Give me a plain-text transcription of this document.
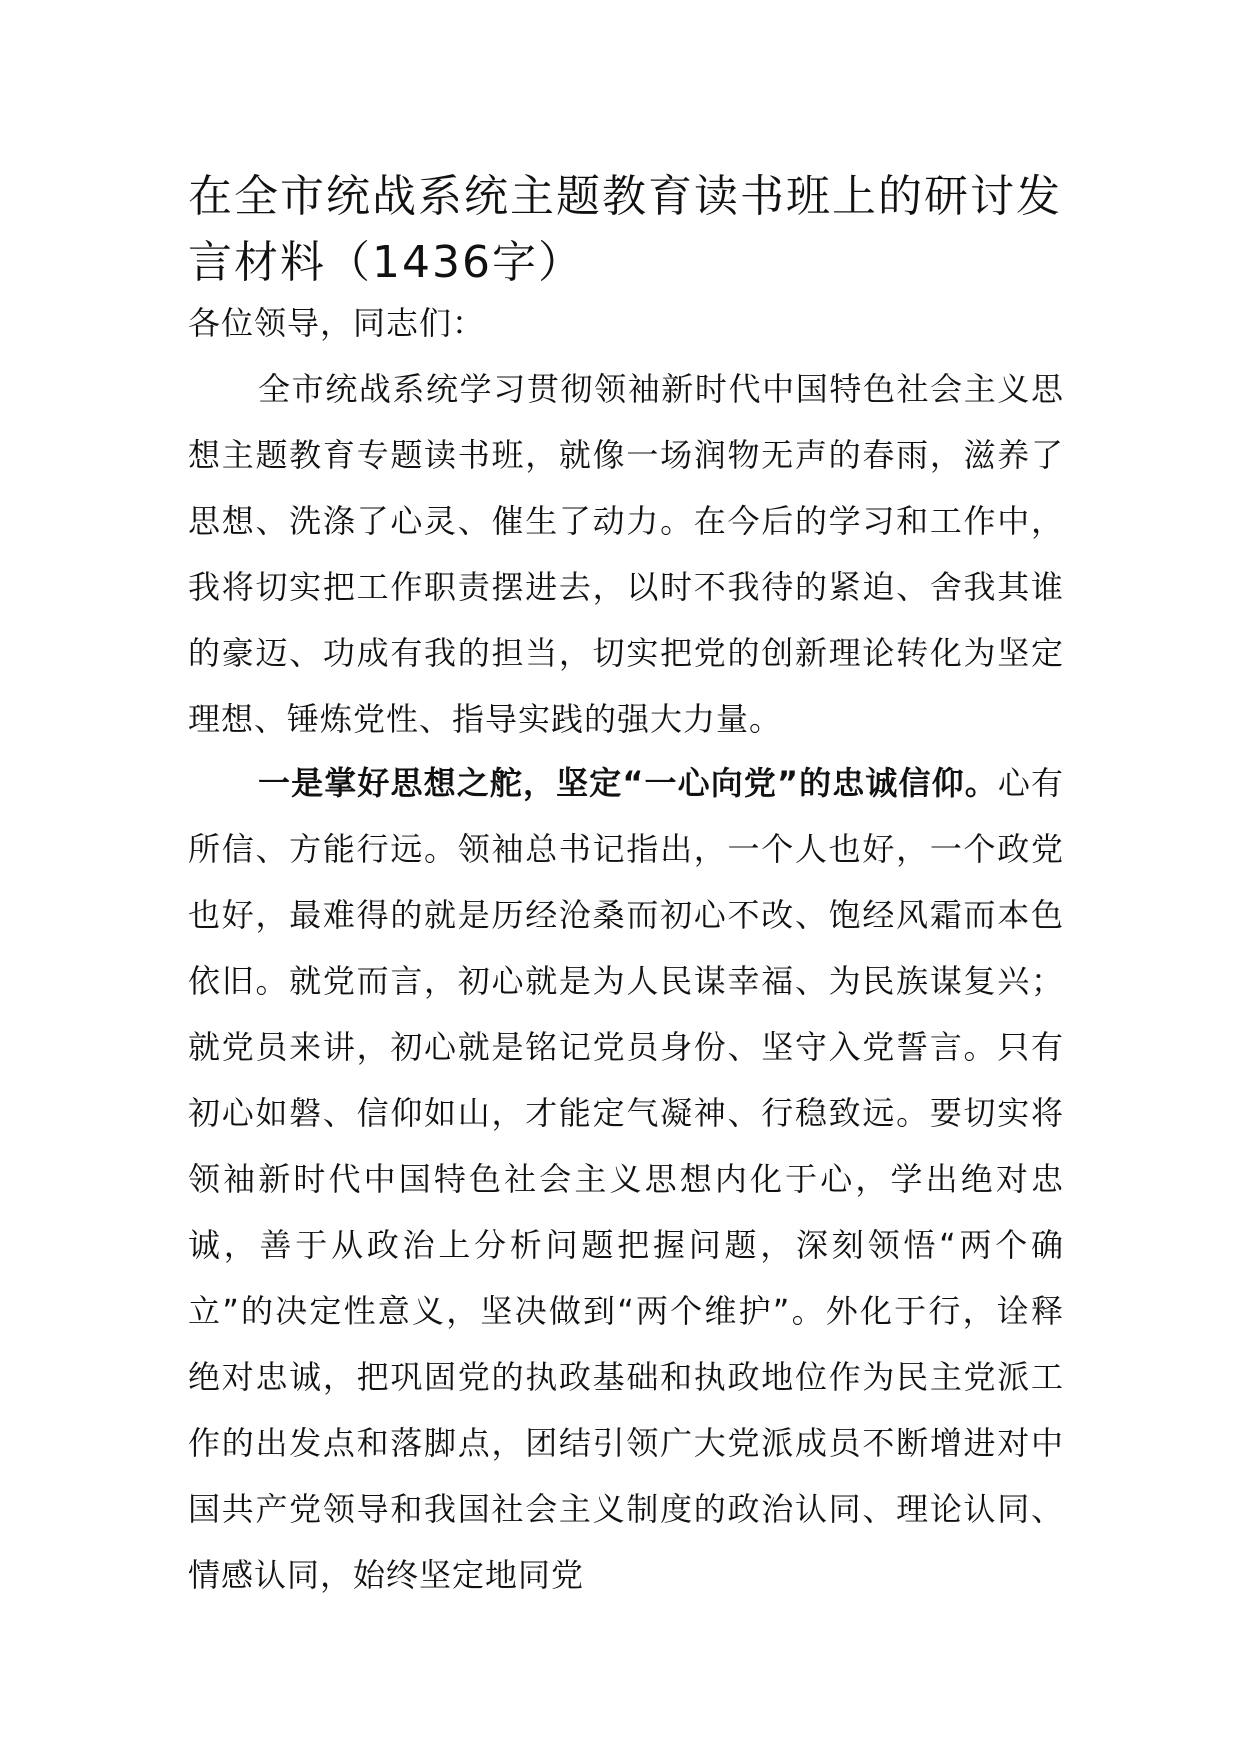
在全市统战系统主题教育读书班上的研讨发言材料（1436字）

各位领导，同志们：

全市统战系统学习贯彻领袖新时代中国特色社会主义思想主题教育专题读书班，就像一场润物无声的春雨，滋养了思想、洗涤了心灵、催生了动力。在今后的学习和工作中，我将切实把工作职责摆进去，以时不我待的紧迫、舍我其谁的豪迈、功成有我的担当，切实把党的创新理论转化为坚定理想、锤炼党性、指导实践的强大力量。

一是掌好思想之舵，坚定“一心向党”的忠诚信仰。心有所信、方能行远。领袖总书记指出，一个人也好，一个政党也好，最难得的就是历经沧桑而初心不改、饱经风霜而本色依旧。就党而言，初心就是为人民谋幸福、为民族谋复兴；就党员来讲，初心就是铭记党员身份、坚守入党誓言。只有初心如磐、信仰如山，才能定气凝神、行稳致远。要切实将领袖新时代中国特色社会主义思想内化于心，学出绝对忠诚，善于从政治上分析问题把握问题，深刻领悟“两个确立”的决定性意义，坚决做到“两个维护”。外化于行，诠释绝对忠诚，把巩固党的执政基础和执政地位作为民主党派工作的出发点和落脚点，团结引领广大党派成员不断增进对中国共产党领导和我国社会主义制度的政治认同、理论认同、情感认同，始终坚定地同党
